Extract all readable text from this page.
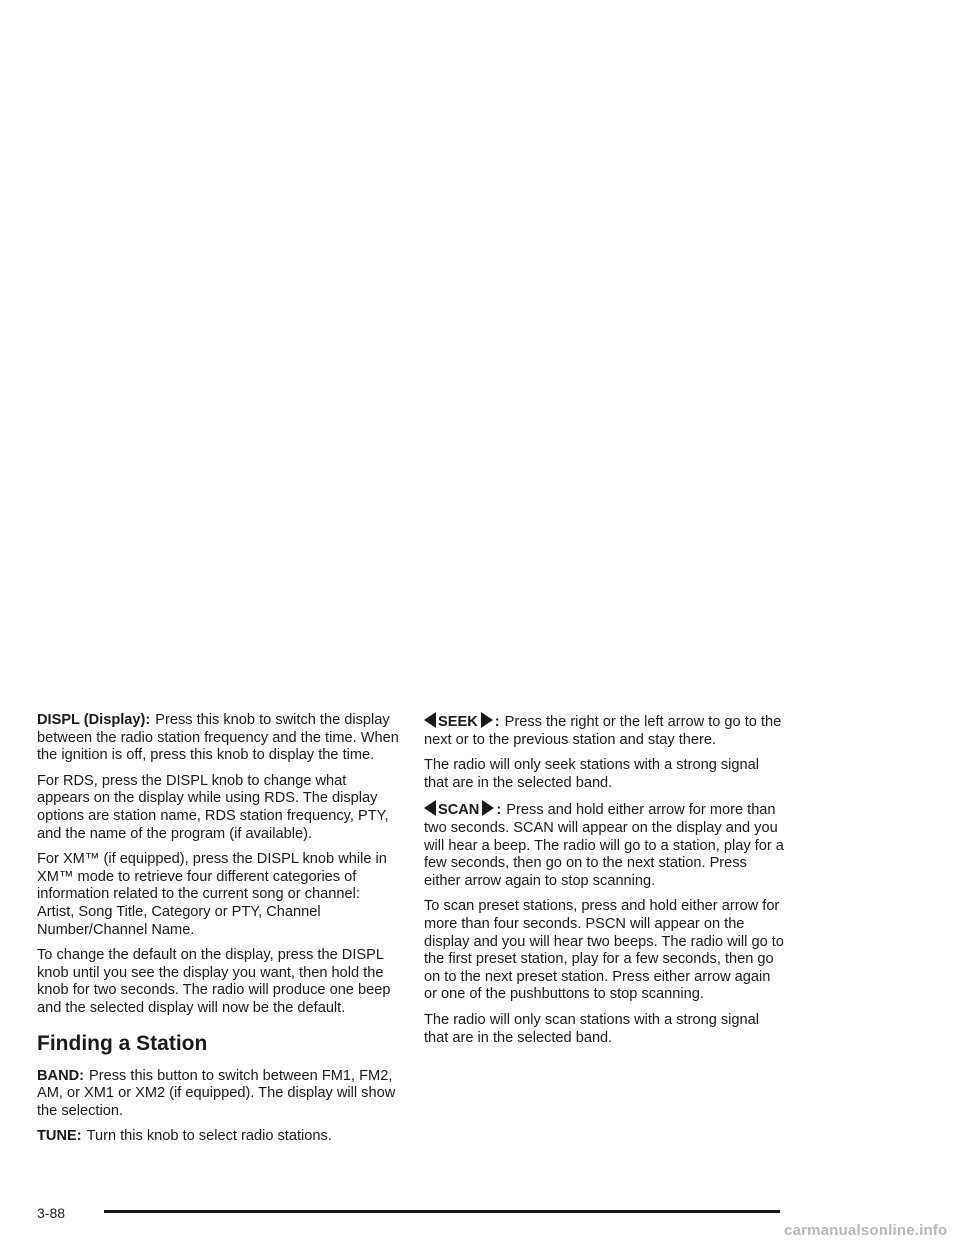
DISPL (Display): Press this knob to switch the display between the radio station frequency and the time. When the ignition is off, press this knob to display the time.

For RDS, press the DISPL knob to change what appears on the display while using RDS. The display options are station name, RDS station frequency, PTY, and the name of the program (if available).

For XM™ (if equipped), press the DISPL knob while in XM™ mode to retrieve four different categories of information related to the current song or channel: Artist, Song Title, Category or PTY, Channel Number/Channel Name.

To change the default on the display, press the DISPL knob until you see the display you want, then hold the knob for two seconds. The radio will produce one beep and the selected display will now be the default.

Finding a Station

BAND: Press this button to switch between FM1, FM2, AM, or XM1 or XM2 (if equipped). The display will show the selection.

TUNE: Turn this knob to select radio stations.

SEEK : Press the right or the left arrow to go to the next or to the previous station and stay there.

The radio will only seek stations with a strong signal that are in the selected band.

SCAN : Press and hold either arrow for more than two seconds. SCAN will appear on the display and you will hear a beep. The radio will go to a station, play for a few seconds, then go on to the next station. Press either arrow again to stop scanning.

To scan preset stations, press and hold either arrow for more than four seconds. PSCN will appear on the display and you will hear two beeps. The radio will go to the first preset station, play for a few seconds, then go on to the next preset station. Press either arrow again or one of the pushbuttons to stop scanning.

The radio will only scan stations with a strong signal that are in the selected band.

3-88
carmanualsonline.info
